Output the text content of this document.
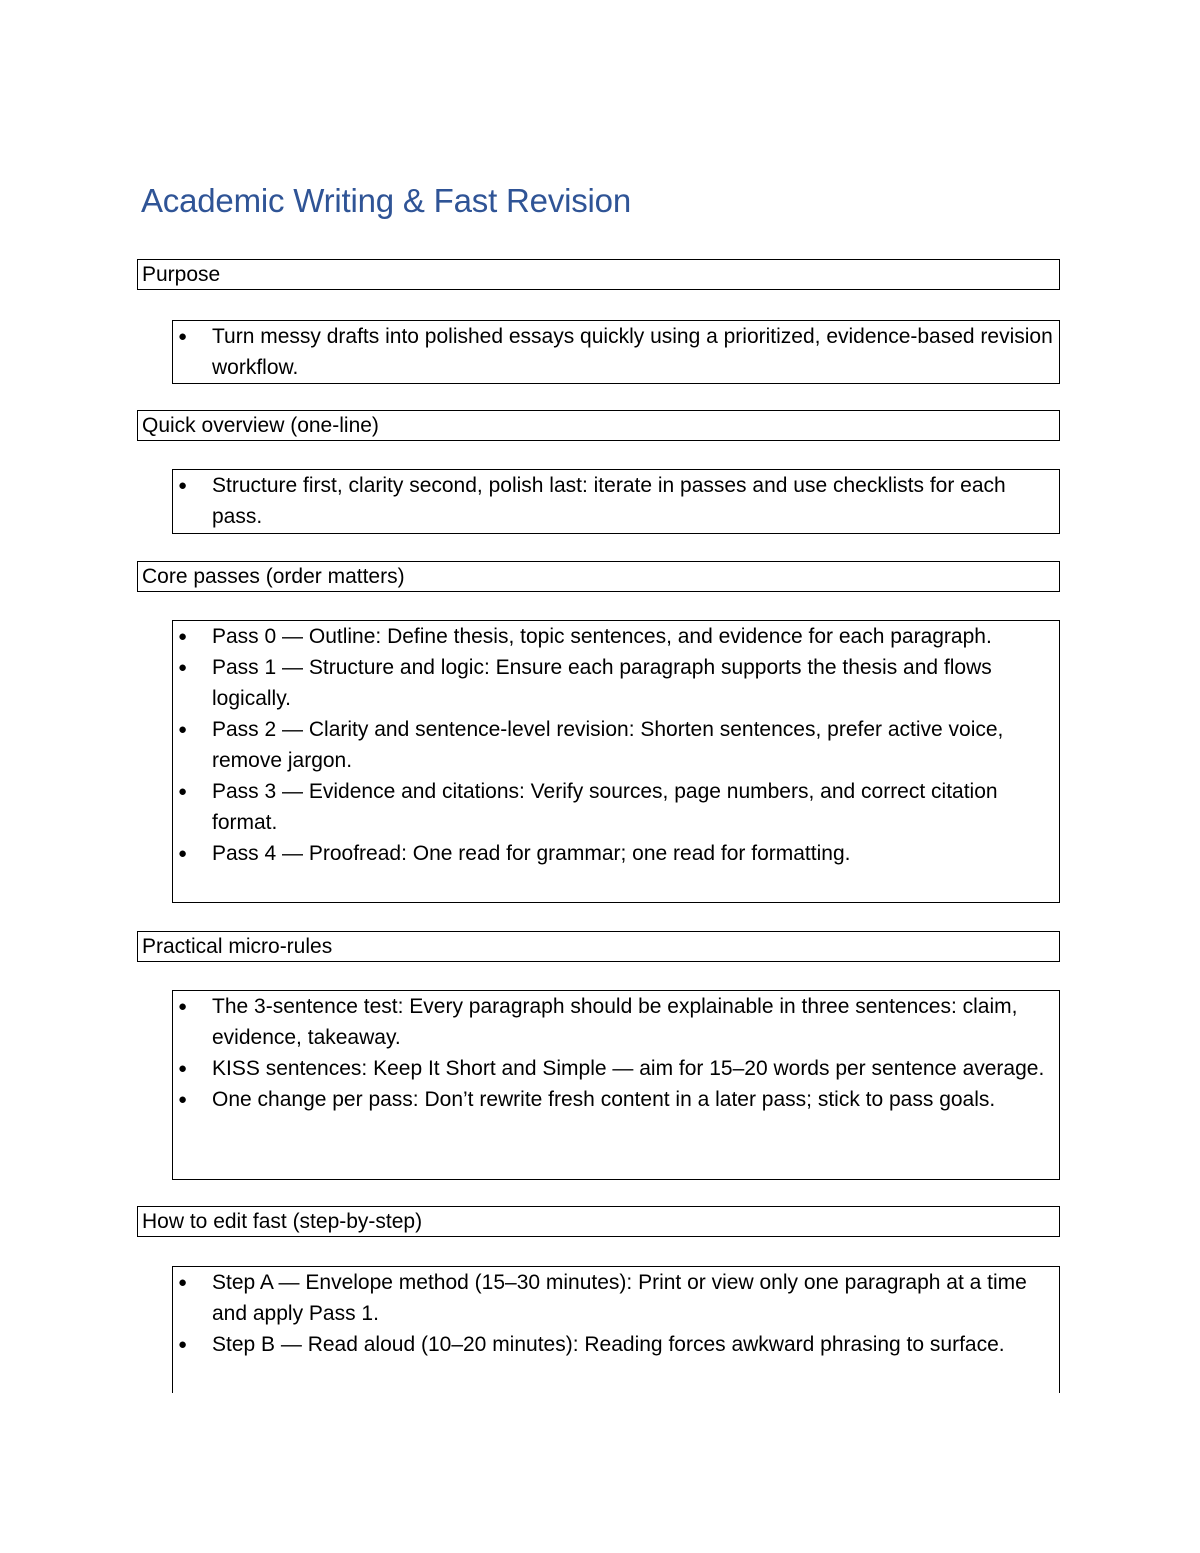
Academic Writing & Fast Revision
Purpose
● Turn messy drafts into polished essays quickly using a prioritized, evidence-based revision workflow.
Quick overview (one-line)
● Structure first, clarity second, polish last: iterate in passes and use checklists for each pass.
Core passes (order matters)
● Pass 0 — Outline: Define thesis, topic sentences, and evidence for each paragraph.
● Pass 1 — Structure and logic: Ensure each paragraph supports the thesis and flows logically.
● Pass 2 — Clarity and sentence-level revision: Shorten sentences, prefer active voice, remove jargon.
● Pass 3 — Evidence and citations: Verify sources, page numbers, and correct citation format.
● Pass 4 — Proofread: One read for grammar; one read for formatting.
Practical micro-rules
● The 3-sentence test: Every paragraph should be explainable in three sentences: claim, evidence, takeaway.
● KISS sentences: Keep It Short and Simple — aim for 15–20 words per sentence average.
● One change per pass: Don’t rewrite fresh content in a later pass; stick to pass goals.
How to edit fast (step-by-step)
● Step A — Envelope method (15–30 minutes): Print or view only one paragraph at a time and apply Pass 1.
● Step B — Read aloud (10–20 minutes): Reading forces awkward phrasing to surface.
